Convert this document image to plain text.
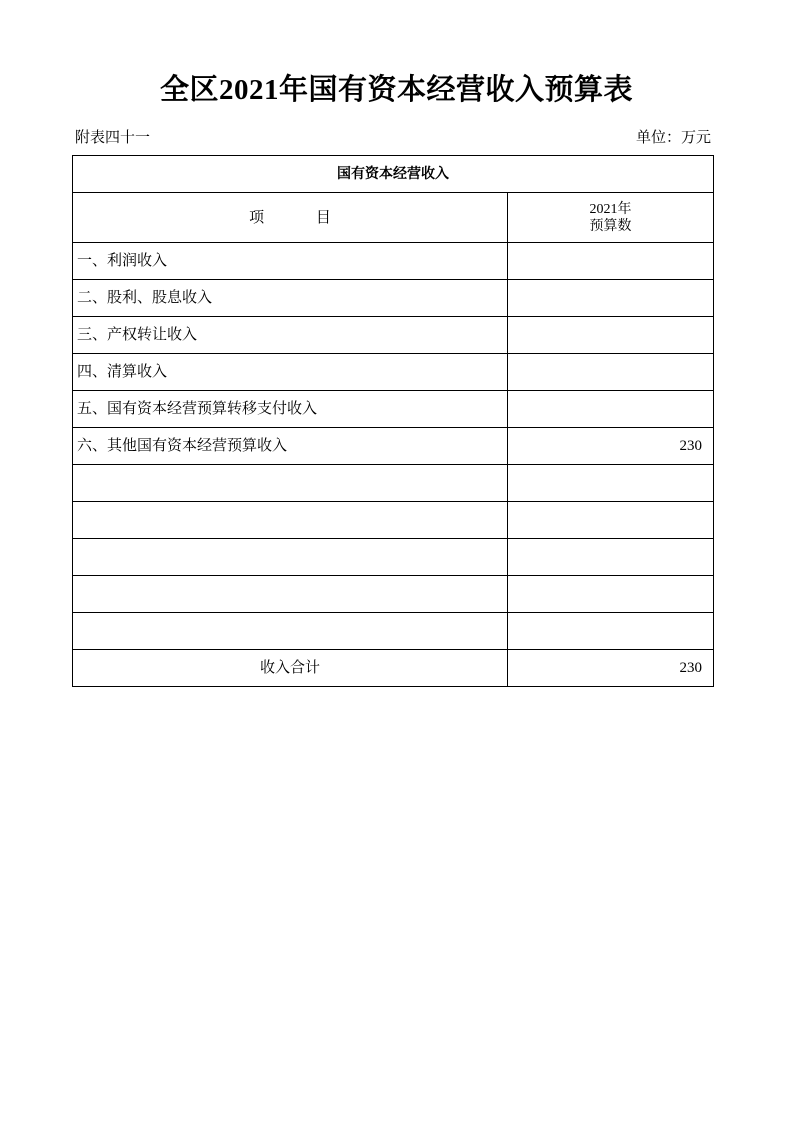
全区2021年国有资本经营收入预算表
附表四十一	单位：万元
国有资本经营收入	
项 目	2021年
预算数

一、利润收入	
二、股利、股息收入	
三、产权转让收入	
四、清算收入	
五、国有资本经营预算转移支付收入	
六、其他国有资本经营预算收入	230

收入合计	230
